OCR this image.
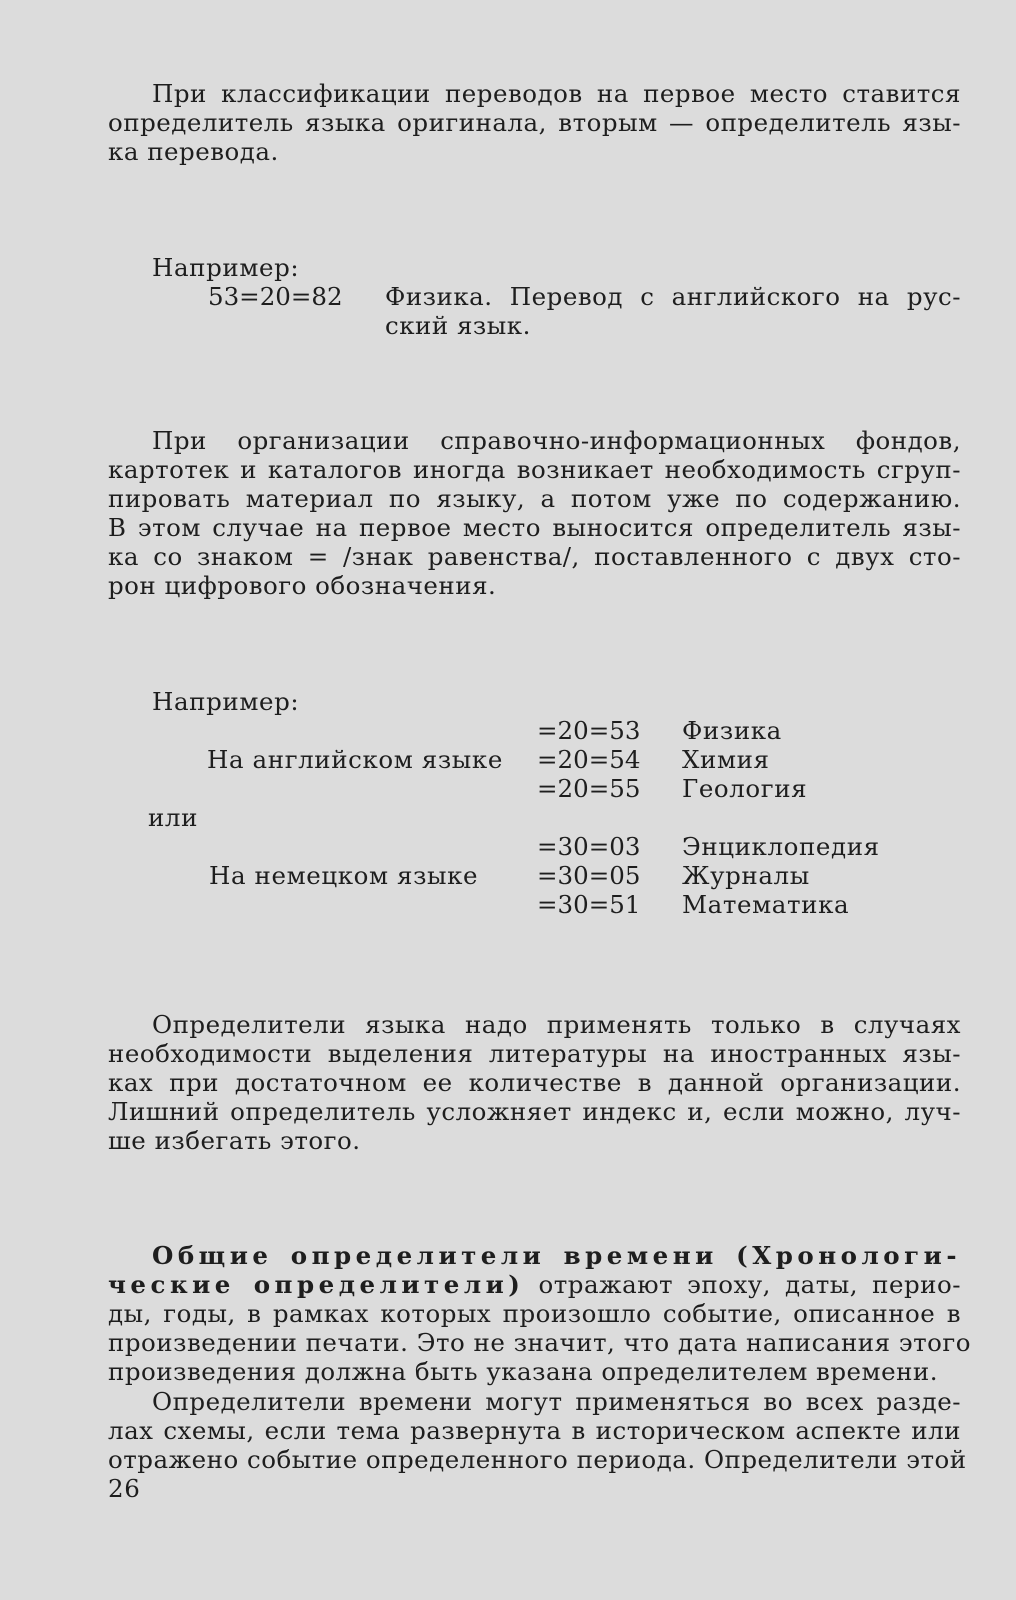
При классификации переводов на первое место ставится
определитель языка оригинала, вторым — определитель язы-
ка перевода.
Например:
53=20=82 Физика. Перевод с английского на рус-
ский язык.
При организации справочно-информационных фондов,
картотек и каталогов иногда возникает необходимость сгруп-
пировать материал по языку, а потом уже по содержанию.
В этом случае на первое место выносится определитель язы-
ка со знаком = /знак равенства/, поставленного с двух сто-
рон цифрового обозначения.
Например:
На английском языке
=20=53 Физика
=20=54 Химия
=20=55 Геология
или
На немецком языке
=30=03 Энциклопедия
=30=05 Журналы
=30=51 Математика
Определители языка надо применять только в случаях
необходимости выделения литературы на иностранных язы-
ках при достаточном ее количестве в данной организации.
Лишний определитель усложняет индекс и, если можно, луч-
ше избегать этого.
Общие определители времени (Хронологи-
ческие определители) отражают эпоху, даты, перио-
ды, годы, в рамках которых произошло событие, описанное в
произведении печати. Это не значит, что дата написания этого
произведения должна быть указана определителем времени.
Определители времени могут применяться во всех разде-
лах схемы, если тема развернута в историческом аспекте или
отражено событие определенного периода. Определители этой
26
